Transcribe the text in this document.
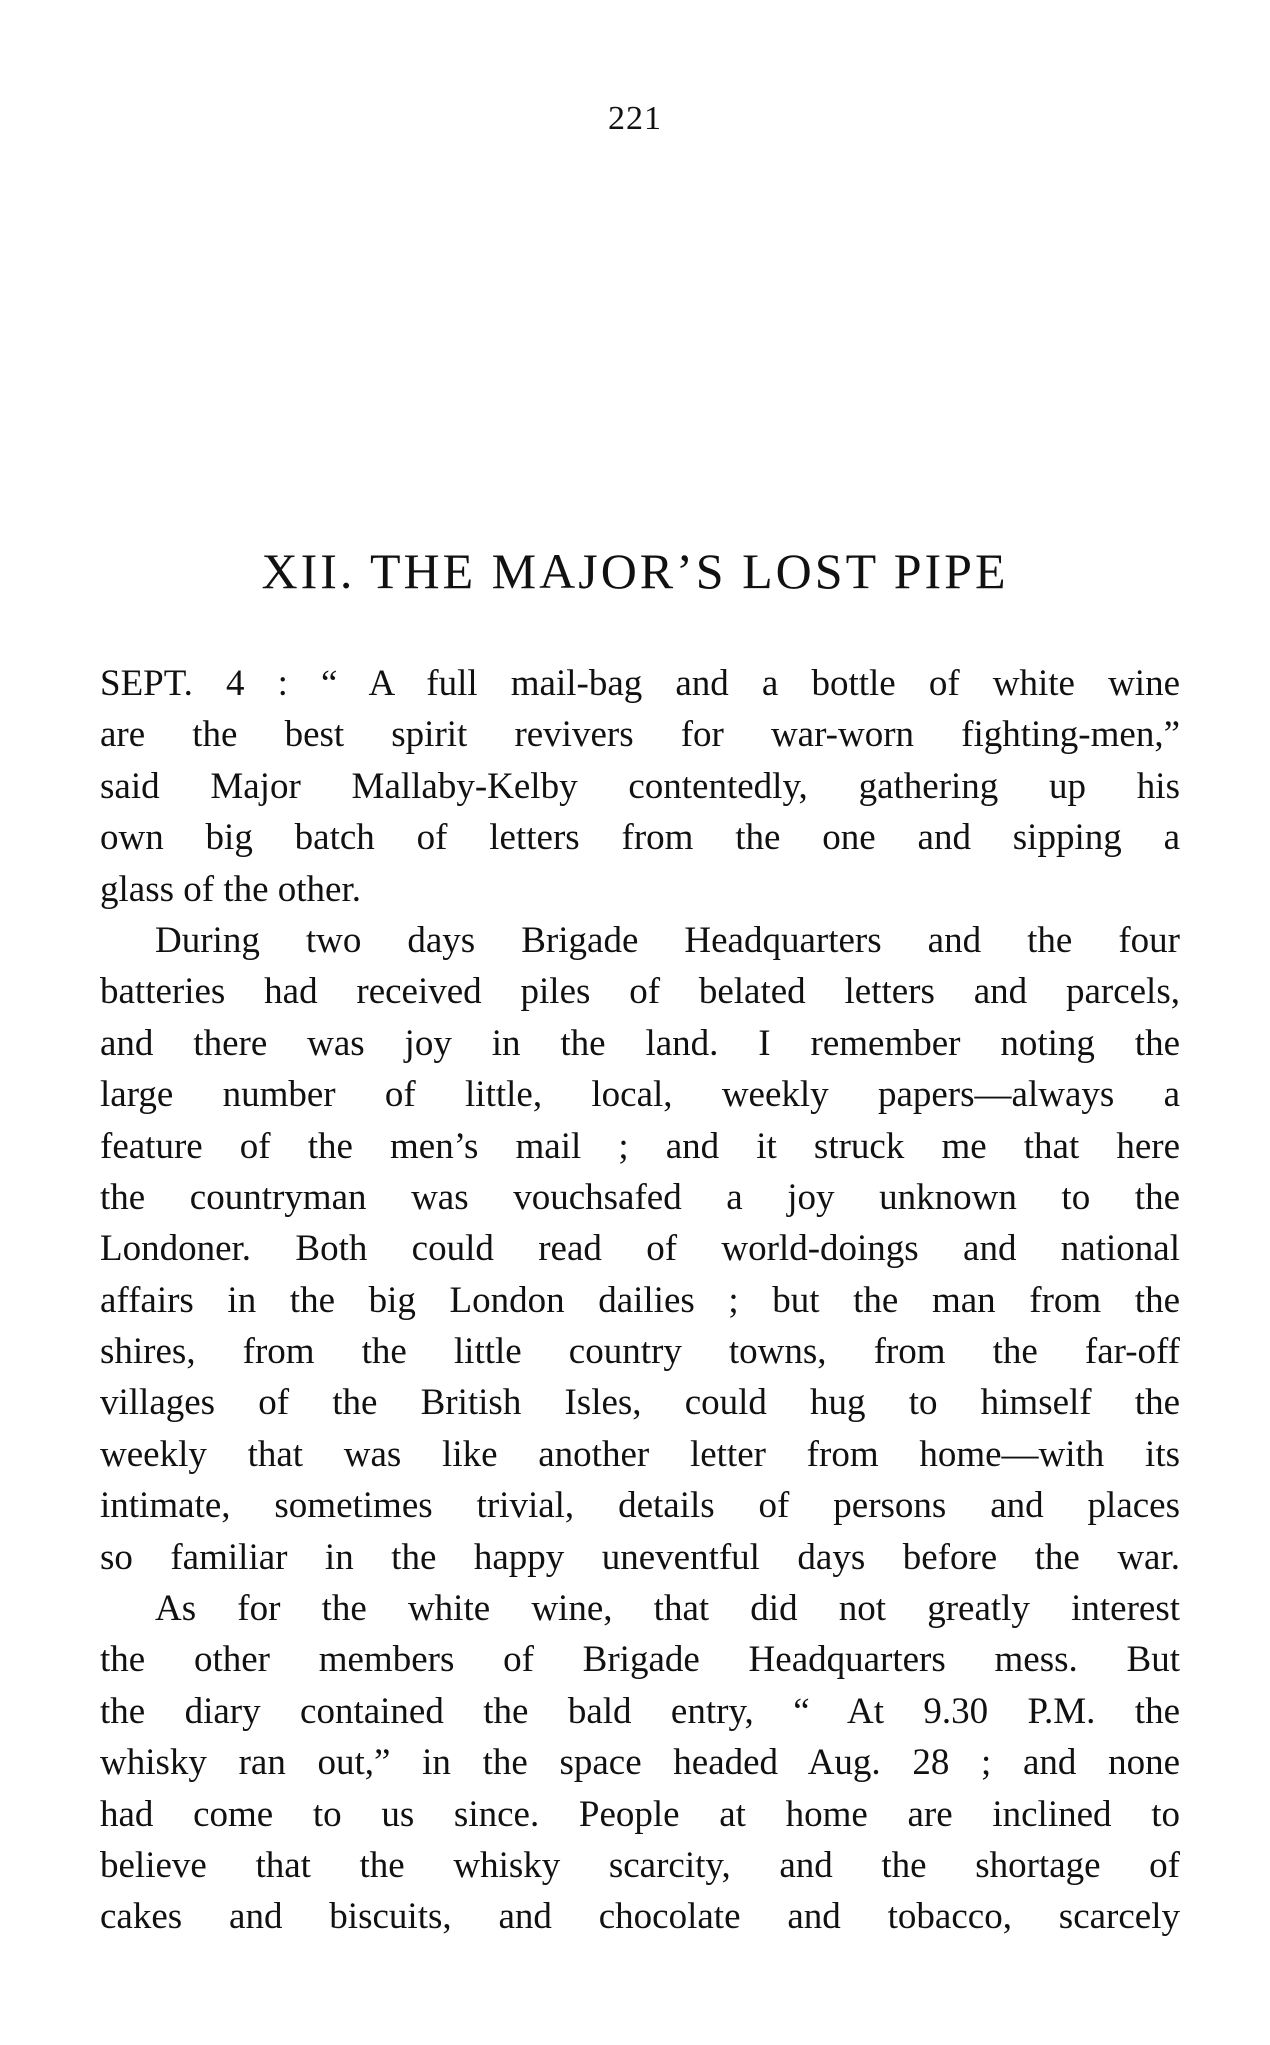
221
XII. THE MAJOR’S LOST PIPE
SEPT. 4 : “ A full mail-bag and a bottle of white wine
are the best spirit revivers for war-worn fighting-men,”
said Major Mallaby-Kelby contentedly, gathering up his
own big batch of letters from the one and sipping a
glass of the other.
During two days Brigade Headquarters and the four
batteries had received piles of belated letters and parcels,
and there was joy in the land. I remember noting the
large number of little, local, weekly papers—always a
feature of the men’s mail ; and it struck me that here
the countryman was vouchsafed a joy unknown to the
Londoner. Both could read of world-doings and national
affairs in the big London dailies ; but the man from the
shires, from the little country towns, from the far-off
villages of the British Isles, could hug to himself the
weekly that was like another letter from home—with its
intimate, sometimes trivial, details of persons and places
so familiar in the happy uneventful days before the war.
As for the white wine, that did not greatly interest
the other members of Brigade Headquarters mess. But
the diary contained the bald entry, “ At 9.30 P.M. the
whisky ran out,” in the space headed Aug. 28 ; and none
had come to us since. People at home are inclined to
believe that the whisky scarcity, and the shortage of
cakes and biscuits, and chocolate and tobacco, scarcely
